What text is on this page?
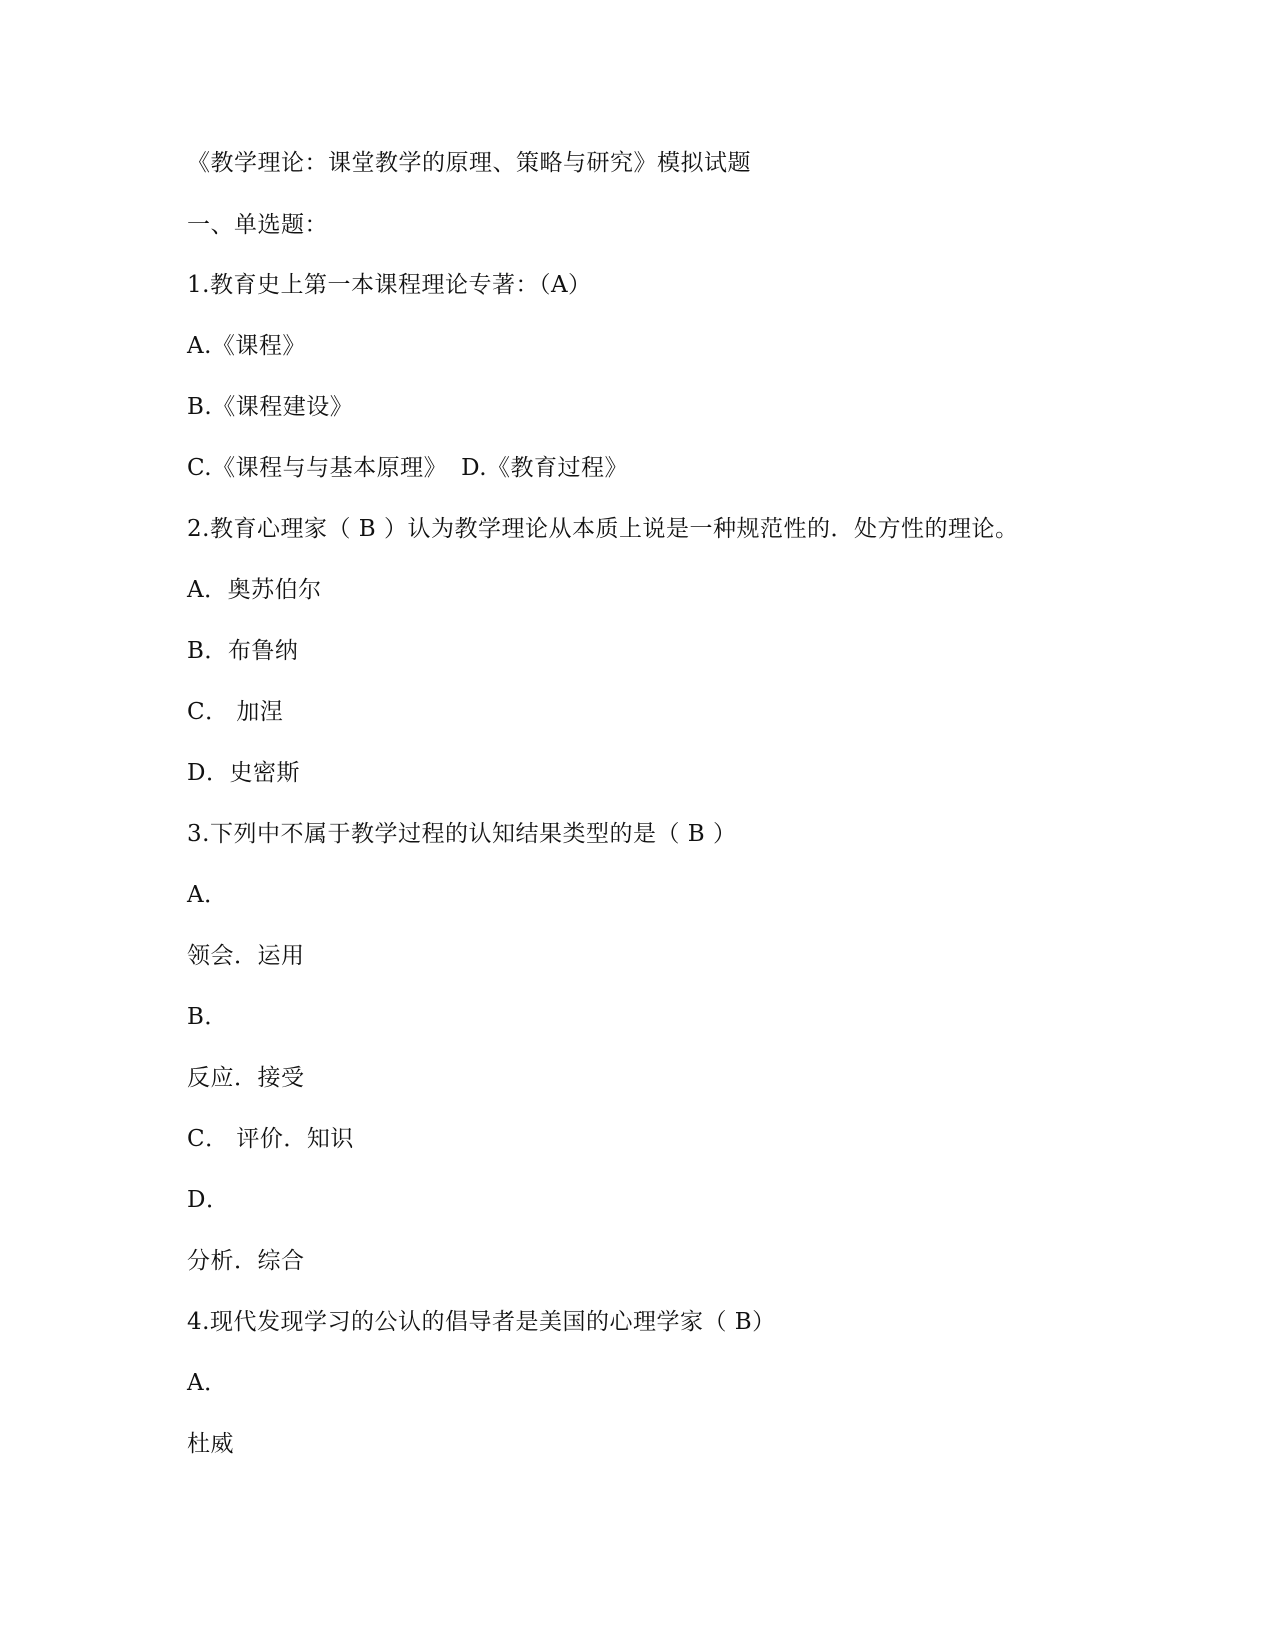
《教学理论：课堂教学的原理、策略与研究》模拟试题
一、单选题：
1.教育史上第一本课程理论专著：（A）
A.《课程》
B.《课程建设》
C.《课程与与基本原理》 D.《教育过程》
2.教育心理家（ B ）认为教学理论从本质上说是一种规范性的．处方性的理论。
A．奥苏伯尔
B．布鲁纳
C． 加涅
D．史密斯
3.下列中不属于教学过程的认知结果类型的是（ B ）
A．
领会．运用
B．
反应．接受
C． 评价．知识
D．
分析．综合
4.现代发现学习的公认的倡导者是美国的心理学家（ B）
A．
杜威
